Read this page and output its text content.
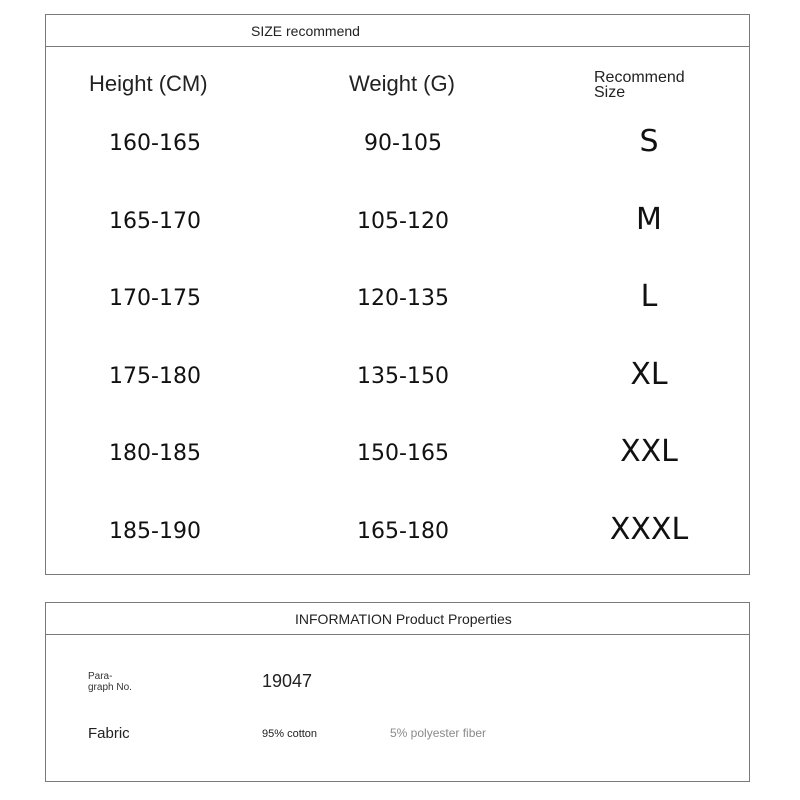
SIZE recommend
Height (CM)	Weight (G)	Recommend
Size
160-165	90-105	S
165-170	105-120	M
170-175	120-135	L
175-180	135-150	XL
180-185	150-165	XXL
185-190	165-180	XXXL
INFORMATION Product Properties
Para-
graph No.	19047
Fabric	95% cotton	5% polyester fiber
